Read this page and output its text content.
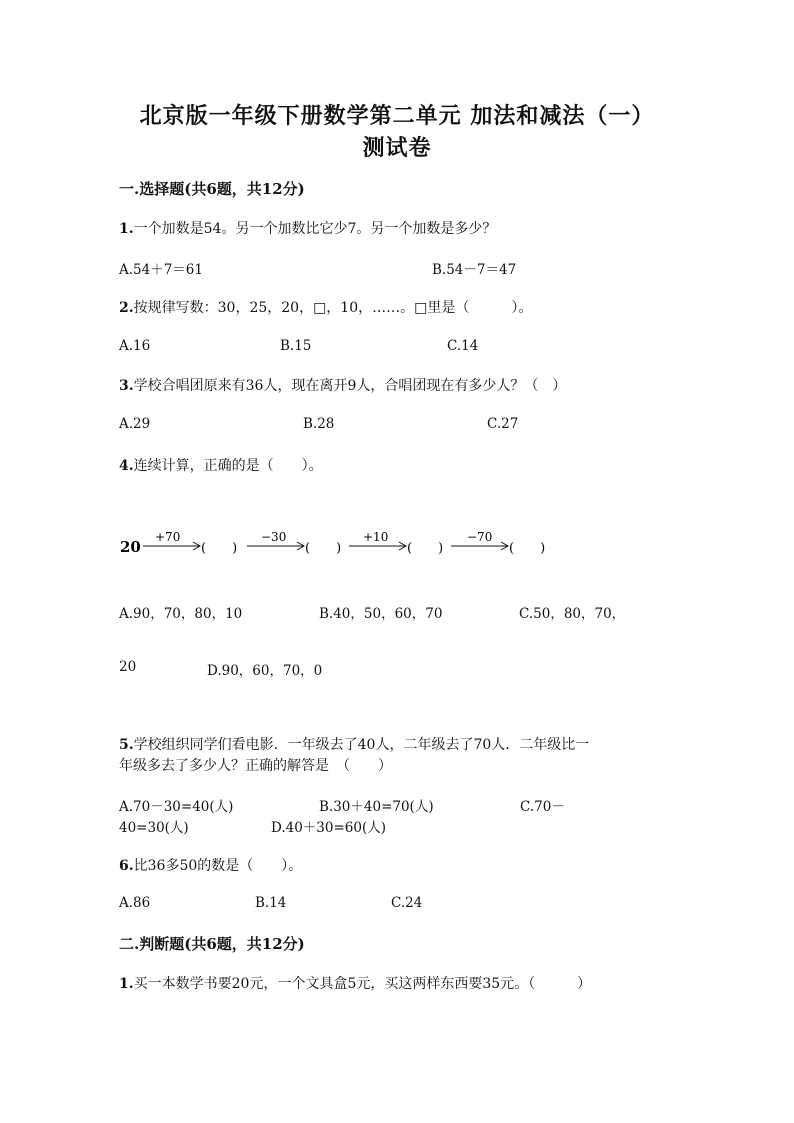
北京版一年级下册数学第二单元 加法和减法（一）
测试卷
一.选择题(共6题，共12分)
1.一个加数是54。另一个加数比它少7。另一个加数是多少？
A.54＋7＝61	B.54－7＝47
2.按规律写数：30，25，20，□，10，……。□里是（　　　）。
A.16	B.15	C.14
3.学校合唱团原来有36人，现在离开9人，合唱团现在有多少人？（　）
A.29	B.28	C.27
4.连续计算，正确的是（　　）。
20
+70
(　　)
−30
(　　)
+10
(　　)
−70
(　　)
A.90，70，80，10	B.40，50，60，70	C.50，80，70，
20	D.90，60，70，0
5.学校组织同学们看电影．一年级去了40人，二年级去了70人．二年级比一
年级多去了多少人？正确的解答是　（　　）
A.70－30=40(人)	B.30＋40=70(人)	C.70－
40=30(人)	D.40＋30=60(人)
6.比36多50的数是（　　）。
A.86	B.14	C.24
二.判断题(共6题，共12分)
1.买一本数学书要20元，一个文具盒5元，买这两样东西要35元。（　　　）
